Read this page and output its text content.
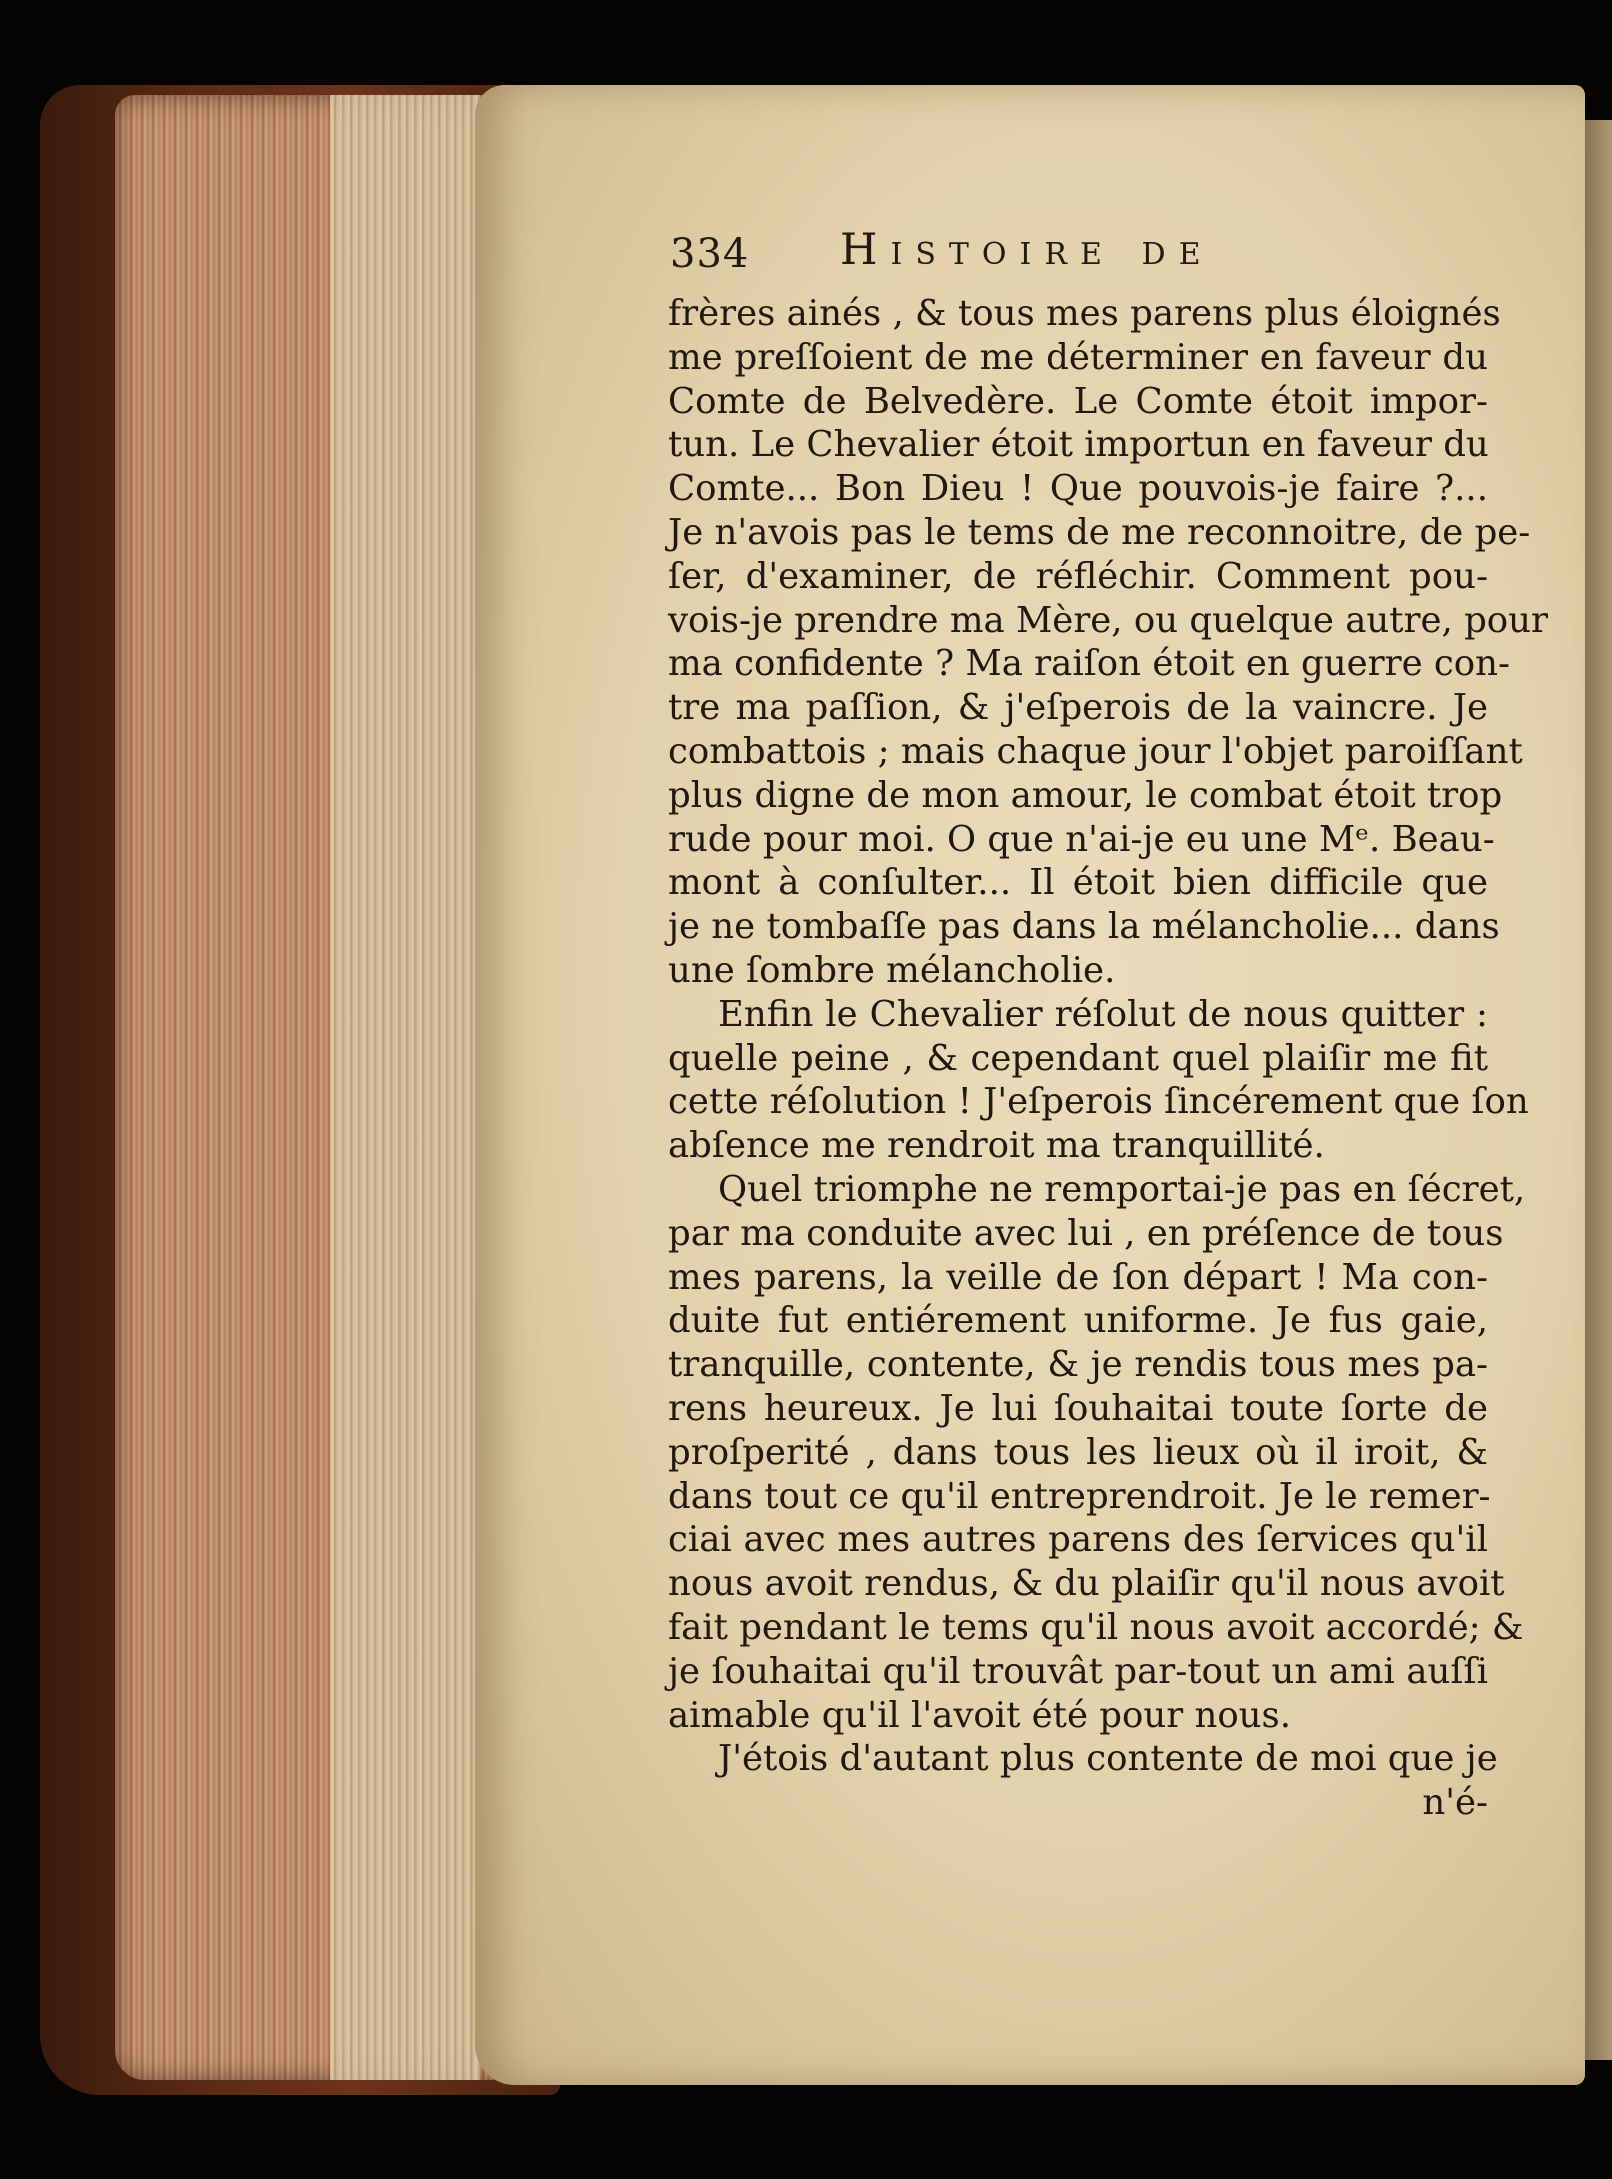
334 Histoire de
frères ainés , & tous mes parens plus éloignés
me preſſoient de me déterminer en faveur du
Comte de Belvedère. Le Comte étoit impor-
tun. Le Chevalier étoit importun en faveur du
Comte... Bon Dieu ! Que pouvois-je faire ?...
Je n'avois pas le tems de me reconnoitre, de pe-
ſer, d'examiner, de réfléchir. Comment pou-
vois-je prendre ma Mère, ou quelque autre, pour
ma confidente ? Ma raiſon étoit en guerre con-
tre ma paſſion, & j'eſperois de la vaincre. Je
combattois ; mais chaque jour l'objet paroiſſant
plus digne de mon amour, le combat étoit trop
rude pour moi. O que n'ai-je eu une Mᵉ. Beau-
mont à conſulter... Il étoit bien difficile que
je ne tombaſſe pas dans la mélancholie... dans
une ſombre mélancholie.
Enfin le Chevalier réſolut de nous quitter :
quelle peine , & cependant quel plaiſir me fit
cette réſolution ! J'eſperois ſincérement que ſon
abſence me rendroit ma tranquillité.
Quel triomphe ne remportai-je pas en ſécret,
par ma conduite avec lui , en préſence de tous
mes parens, la veille de ſon départ ! Ma con-
duite fut entiérement uniforme. Je fus gaie,
tranquille, contente, & je rendis tous mes pa-
rens heureux. Je lui ſouhaitai toute ſorte de
proſperité , dans tous les lieux où il iroit, &
dans tout ce qu'il entreprendroit. Je le remer-
ciai avec mes autres parens des ſervices qu'il
nous avoit rendus, & du plaiſir qu'il nous avoit
fait pendant le tems qu'il nous avoit accordé; &
je ſouhaitai qu'il trouvât par-tout un ami auſſi
aimable qu'il l'avoit été pour nous.
J'étois d'autant plus contente de moi que je
n'é-
